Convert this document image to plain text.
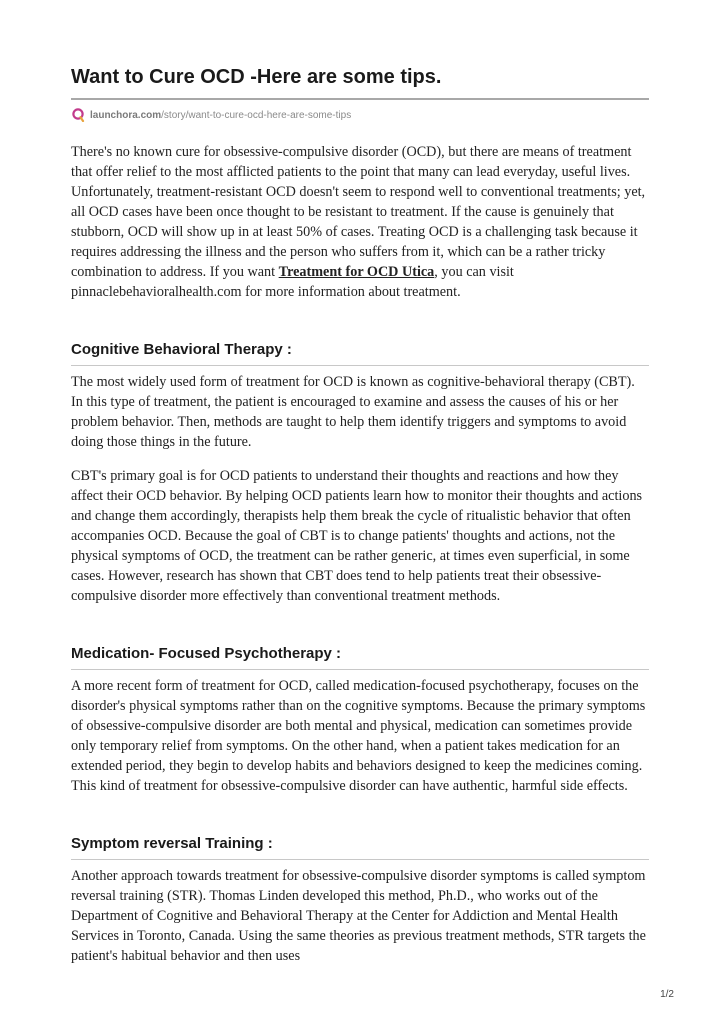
Want to Cure OCD -Here are some tips.
launchora.com /story/want-to-cure-ocd-here-are-some-tips

There's no known cure for obsessive-compulsive disorder (OCD), but there are means of treatment that offer relief to the most afflicted patients to the point that many can lead everyday, useful lives. Unfortunately, treatment-resistant OCD doesn't seem to respond well to conventional treatments; yet, all OCD cases have been once thought to be resistant to treatment. If the cause is genuinely that stubborn, OCD will show up in at least 50% of cases. Treating OCD is a challenging task because it requires addressing the illness and the person who suffers from it, which can be a rather tricky combination to address. If you want Treatment for OCD Utica, you can visit pinnaclebehavioralhealth.com for more information about treatment.

Cognitive Behavioral Therapy :

The most widely used form of treatment for OCD is known as cognitive-behavioral therapy (CBT). In this type of treatment, the patient is encouraged to examine and assess the causes of his or her problem behavior. Then, methods are taught to help them identify triggers and symptoms to avoid doing those things in the future.

CBT's primary goal is for OCD patients to understand their thoughts and reactions and how they affect their OCD behavior. By helping OCD patients learn how to monitor their thoughts and actions and change them accordingly, therapists help them break the cycle of ritualistic behavior that often accompanies OCD. Because the goal of CBT is to change patients' thoughts and actions, not the physical symptoms of OCD, the treatment can be rather generic, at times even superficial, in some cases. However, research has shown that CBT does tend to help patients treat their obsessive-compulsive disorder more effectively than conventional treatment methods.

Medication- Focused Psychotherapy :

A more recent form of treatment for OCD, called medication-focused psychotherapy, focuses on the disorder's physical symptoms rather than on the cognitive symptoms. Because the primary symptoms of obsessive-compulsive disorder are both mental and physical, medication can sometimes provide only temporary relief from symptoms. On the other hand, when a patient takes medication for an extended period, they begin to develop habits and behaviors designed to keep the medicines coming. This kind of treatment for obsessive-compulsive disorder can have authentic, harmful side effects.

Symptom reversal Training :

Another approach towards treatment for obsessive-compulsive disorder symptoms is called symptom reversal training (STR). Thomas Linden developed this method, Ph.D., who works out of the Department of Cognitive and Behavioral Therapy at the Center for Addiction and Mental Health Services in Toronto, Canada. Using the same theories as previous treatment methods, STR targets the patient's habitual behavior and then uses

1/2
